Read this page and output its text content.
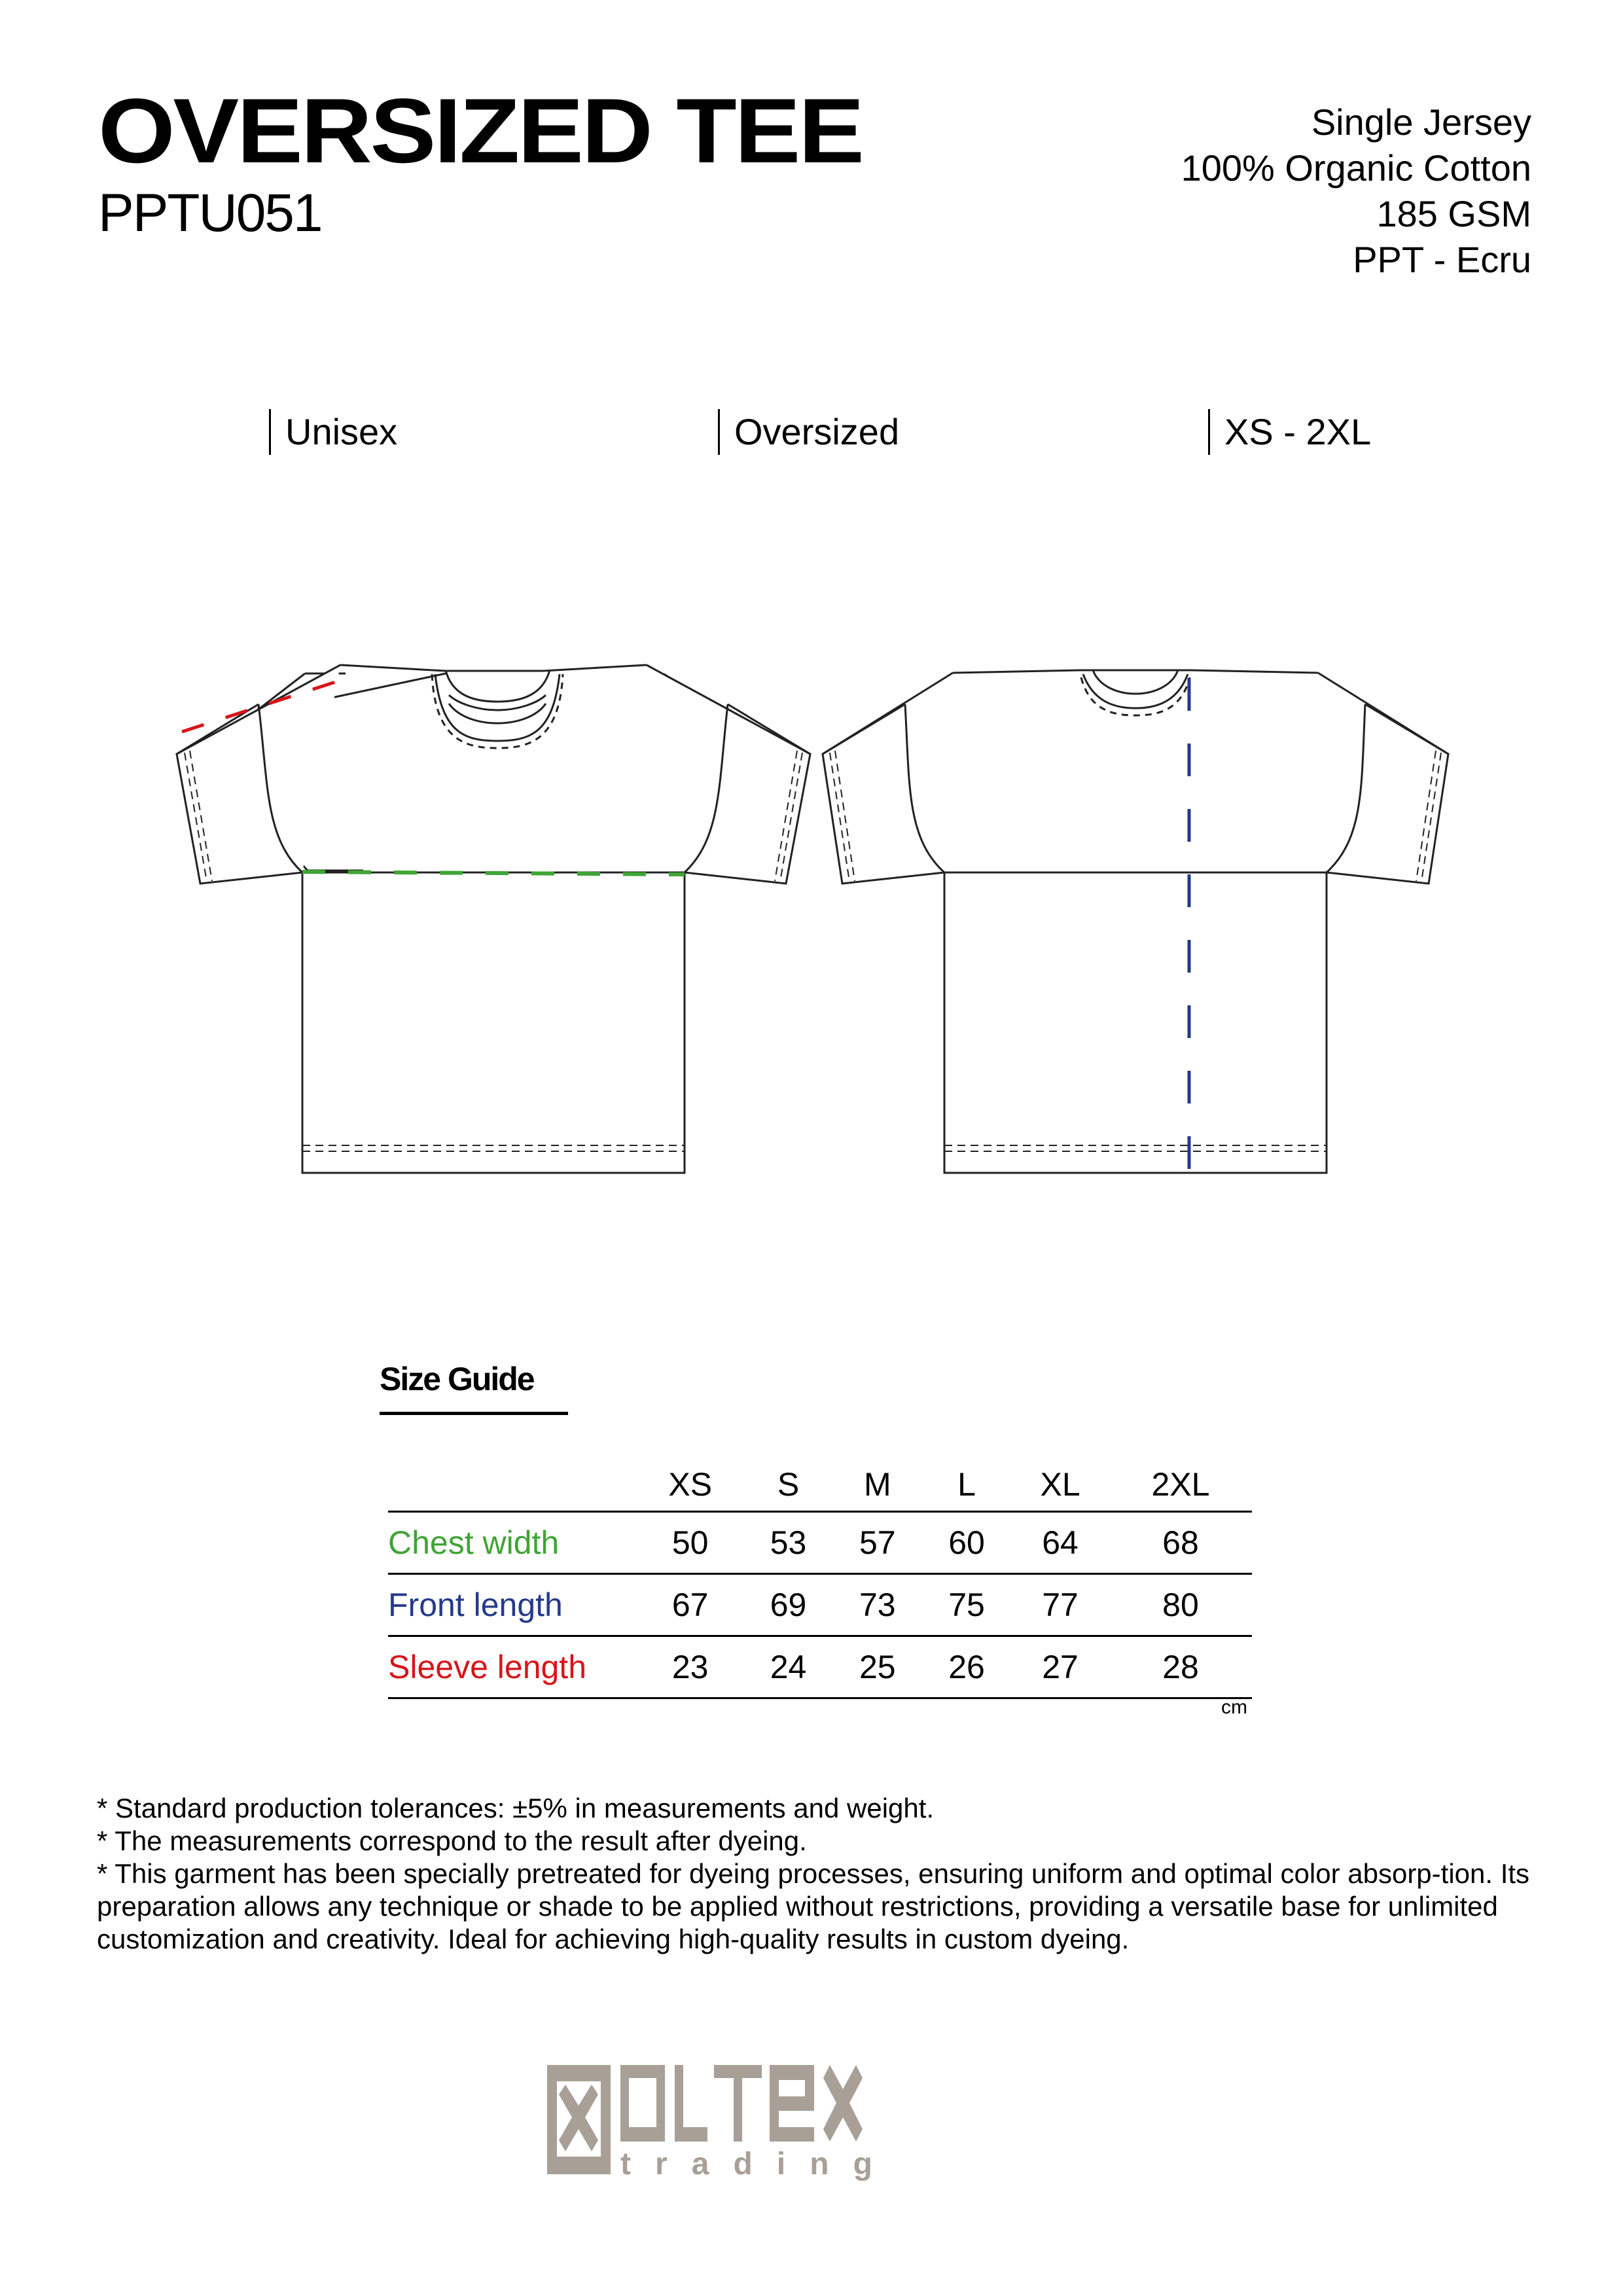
OVERSIZED TEE
PPTU051
Single Jersey
100% Organic Cotton
185 GSM
PPT - Ecru
Unisex	Oversized	XS - 2XL
Size Guide
	XS	S	M	L	XL	2XL
Chest width	50	53	57	60	64	68
Front length	67	69	73	75	77	80
Sleeve length	23	24	25	26	27	28
cm

* Standard production tolerances: ±5% in measurements and weight.

* The measurements correspond to the result after dyeing.

* This garment has been specially pretreated for dyeing processes, ensuring uniform and optimal color absorp-tion. Its preparation allows any technique or shade to be applied without restrictions, providing a versatile base for unlimited customization and creativity. Ideal for achieving high-quality results in custom dyeing.

trading
